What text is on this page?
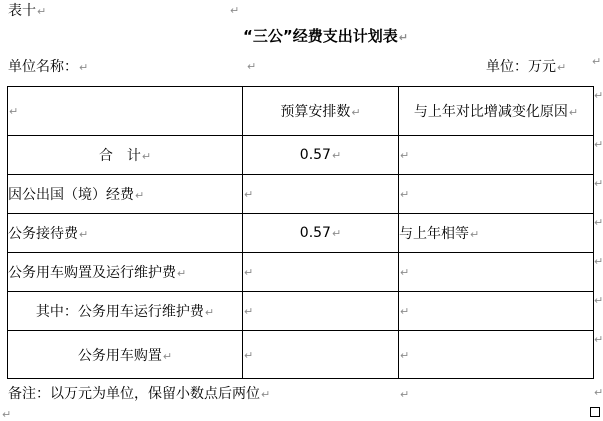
表十↵
“三公”经费支出计划表↵
单位名称：↵	单位：万元↵
↵	预算安排数↵	与上年对比增减变化原因↵
合　计↵	0.57↵	↵
因公出国（境）经费↵	↵	↵
公务接待费↵	0.57↵	与上年相等↵
公务用车购置及运行维护费↵	↵	↵
其中：公务用车运行维护费↵	↵	↵
公务用车购置↵	↵	↵
备注：以万元为单位，保留小数点后两位↵
↵
↵	↵
↵
↵
↵
↵
↵
↵
↵
↵	↵
↵
